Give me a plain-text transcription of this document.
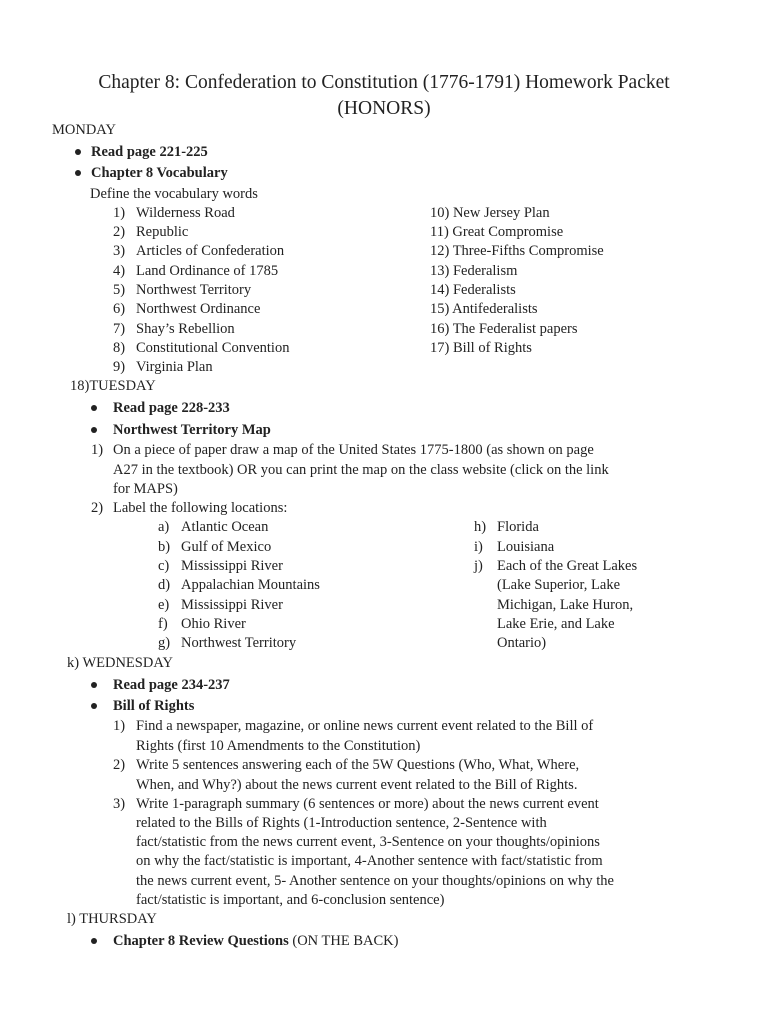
Chapter 8: Confederation to Constitution (1776-1791) Homework Packet
(HONORS)
MONDAY
Read page 221-225
Chapter 8 Vocabulary
Define the vocabulary words
1) Wilderness Road
2) Republic
3) Articles of Confederation
4) Land Ordinance of 1785
5) Northwest Territory
6) Northwest Ordinance
7) Shay’s Rebellion
8) Constitutional Convention
9) Virginia Plan
10) New Jersey Plan
11) Great Compromise
12) Three-Fifths Compromise
13) Federalism
14) Federalists
15) Antifederalists
16) The Federalist papers
17) Bill of Rights
18)TUESDAY
Read page 228-233
Northwest Territory Map
1) On a piece of paper draw a map of the United States 1775-1800 (as shown on page
A27 in the textbook) OR you can print the map on the class website (click on the link
for MAPS)
2) Label the following locations:
a) Atlantic Ocean
b) Gulf of Mexico
c) Mississippi River
d) Appalachian Mountains
e) Mississippi River
f) Ohio River
g) Northwest Territory
h) Florida
i) Louisiana
j) Each of the Great Lakes
(Lake Superior, Lake
Michigan, Lake Huron,
Lake Erie, and Lake
Ontario)
k) WEDNESDAY
Read page 234-237
Bill of Rights
1) Find a newspaper, magazine, or online news current event related to the Bill of
Rights (first 10 Amendments to the Constitution)
2) Write 5 sentences answering each of the 5W Questions (Who, What, Where,
When, and Why?) about the news current event related to the Bill of Rights.
3) Write 1-paragraph summary (6 sentences or more) about the news current event
related to the Bills of Rights (1-Introduction sentence, 2-Sentence with
fact/statistic from the news current event, 3-Sentence on your thoughts/opinions
on why the fact/statistic is important, 4-Another sentence with fact/statistic from
the news current event, 5- Another sentence on your thoughts/opinions on why the
fact/statistic is important, and 6-conclusion sentence)
l) THURSDAY
Chapter 8 Review Questions (ON THE BACK)
